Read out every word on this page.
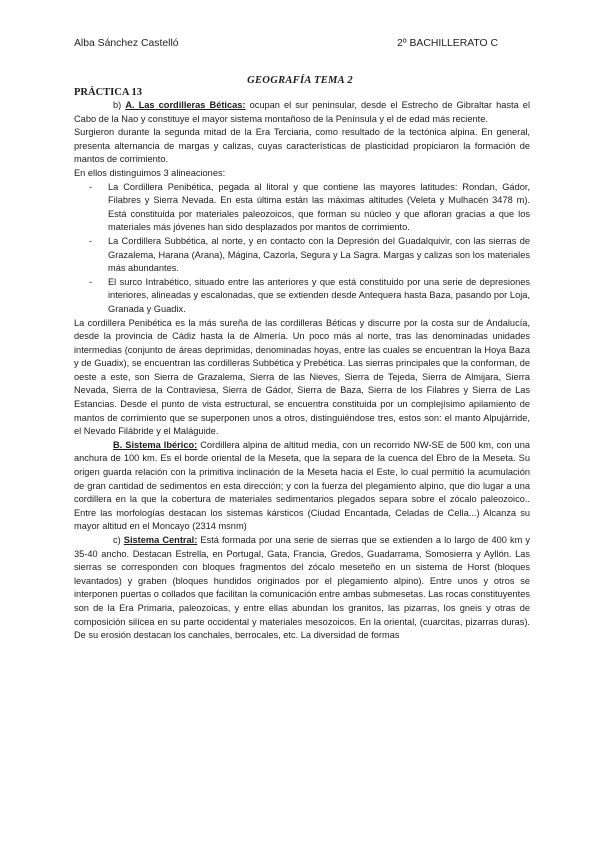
Alba Sánchez Castelló	2º BACHILLERATO C
GEOGRAFÍA TEMA 2
PRÁCTICA 13

b) A. Las cordilleras Béticas: ocupan el sur peninsular, desde el Estrecho de Gibraltar hasta el Cabo de la Nao y constituye el mayor sistema montañoso de la Península y el de edad más reciente.

Surgieron durante la segunda mitad de la Era Terciaria, como resultado de la tectónica alpina. En general, presenta alternancia de margas y calizas, cuyas características de plasticidad propiciaron la formación de mantos de corrimiento.

En ellos distinguimos 3 alineaciones:

- La Cordillera Penibética, pegada al litoral y que contiene las mayores latitudes: Rondan, Gádor, Filabres y Sierra Nevada. En esta última están las máximas altitudes (Veleta y Mulhacén 3478 m). Está constituida por materiales paleozoicos, que forman su núcleo y que afloran gracias a que los materiales más jóvenes han sido desplazados por mantos de corrimiento.
- La Cordillera Subbética, al norte, y en contacto con la Depresión del Guadalquivir, con las sierras de Grazalema, Harana (Arana), Mágina, Cazorla, Segura y La Sagra. Margas y calizas son los materiales más abundantes.
- El surco Intrabético, situado entre las anteriores y que está constituido por una serie de depresiones interiores, alineadas y escalonadas, que se extienden desde Antequera hasta Baza, pasando por Loja, Granada y Guadix.

La cordillera Penibética es la más sureña de las cordilleras Béticas y discurre por la costa sur de Andalucía, desde la provincia de Cádiz hasta la de Almería. Un poco más al norte, tras las denominadas unidades intermedias (conjunto de áreas deprimidas, denominadas hoyas, entre las cuales se encuentran la Hoya Baza y de Guadix), se encuentran las cordilleras Subbética y Prebética. Las sierras principales que la conforman, de oeste a este, son Sierra de Grazalema, Sierra de las Nieves, Sierra de Tejeda, Sierra de Almijara, Sierra Nevada, Sierra de la Contraviesa, Sierra de Gádor, Sierra de Baza, Sierra de los Filabres y Sierra de Las Estancias. Desde el punto de vista estructural, se encuentra constituida por un complejísimo apilamiento de mantos de corrimiento que se superponen unos a otros, distinguiéndose tres, estos son: el manto Alpujárride, el Nevado Filábride y el Maláguide.

B. Sistema Ibérico: Cordillera alpina de altitud media, con un recorrido NW-SE de 500 km, con una anchura de 100 km. Es el borde oriental de la Meseta, que la separa de la cuenca del Ebro de la Meseta. Su origen guarda relación con la primitiva inclinación de la Meseta hacia el Este, lo cual permitió la acumulación de gran cantidad de sedimentos en esta dirección; y con la fuerza del plegamiento alpino, que dio lugar a una cordillera en la que la cobertura de materiales sedimentarios plegados separa sobre el zócalo paleozoico.. Entre las morfologías destacan los sistemas kársticos (Ciudad Encantada, Celadas de Cella...) Alcanza su mayor altitud en el Moncayo (2314 msnm)

c) Sistema Central: Está formada por una serie de sierras que se extienden a lo largo de 400 km y 35-40 ancho. Destacan Estrella, en Portugal, Gata, Francia, Gredos, Guadarrama, Somosierra y Ayllón. Las sierras se corresponden con bloques fragmentos del zócalo meseteño en un sistema de Horst (bloques levantados) y graben (bloques hundidos originados por el plegamiento alpino). Entre unos y otros se interponen puertas o collados que facilitan la comunicación entre ambas submesetas. Las rocas constituyentes son de la Era Primaria, paleozoicas, y entre ellas abundan los granitos, las pizarras, los gneis y otras de composición silícea en su parte occidental y materiales mesozoicos. En la oriental, (cuarcitas, pizarras duras). De su erosión destacan los canchales, berrocales, etc. La diversidad de formas
